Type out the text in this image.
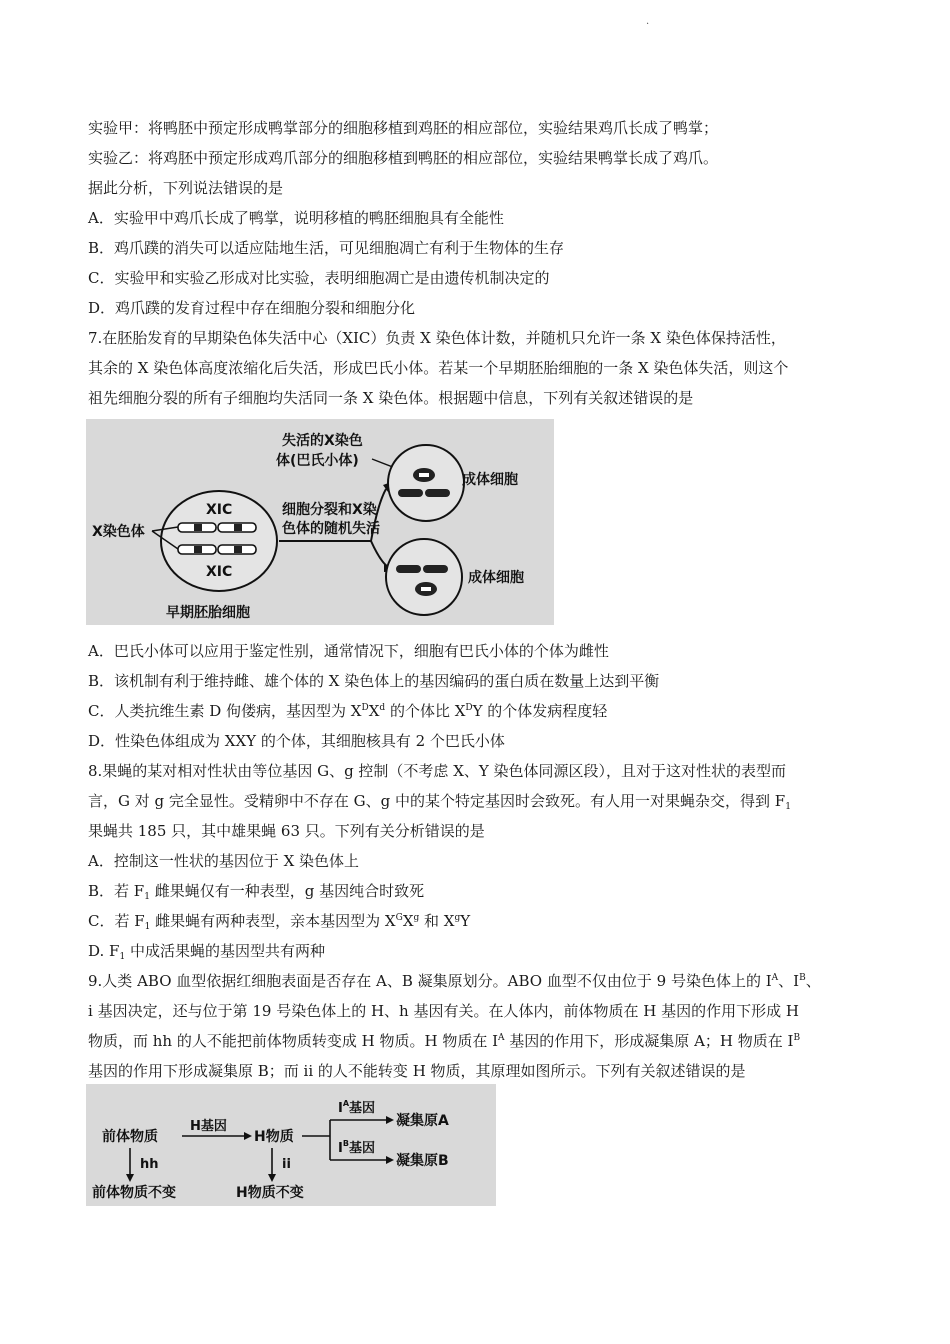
.
实验甲：将鸭胚中预定形成鸭掌部分的细胞移植到鸡胚的相应部位，实验结果鸡爪长成了鸭掌；
实验乙：将鸡胚中预定形成鸡爪部分的细胞移植到鸭胚的相应部位，实验结果鸭掌长成了鸡爪。
据此分析，下列说法错误的是
A．实验甲中鸡爪长成了鸭掌，说明移植的鸭胚细胞具有全能性
B．鸡爪蹼的消失可以适应陆地生活，可见细胞凋亡有利于生物体的生存
C．实验甲和实验乙形成对比实验，表明细胞凋亡是由遗传机制决定的
D．鸡爪蹼的发育过程中存在细胞分裂和细胞分化
7.在胚胎发育的早期染色体失活中心（XIC）负责 X 染色体计数，并随机只允许一条 X 染色体保持活性，
其余的 X 染色体高度浓缩化后失活，形成巴氏小体。若某一个早期胚胎细胞的一条 X 染色体失活，则这个
祖先细胞分裂的所有子细胞均失活同一条 X 染色体。根据题中信息，下列有关叙述错误的是
XIC
XIC
X染色体
早期胚胎细胞
细胞分裂和X染
色体的随机失活
失活的X染色
体(巴氏小体)
成体细胞
成体细胞
A．巴氏小体可以应用于鉴定性别，通常情况下，细胞有巴氏小体的个体为雌性
B．该机制有利于维持雌、雄个体的 X 染色体上的基因编码的蛋白质在数量上达到平衡
C．人类抗维生素 D 佝偻病，基因型为 $X^DX^d$ 的个体比 $X^DY$ 的个体发病程度轻
D．性染色体组成为 XXY 的个体，其细胞核具有 2 个巴氏小体
8.果蝇的某对相对性状由等位基因 G、g 控制（不考虑 X、Y 染色体同源区段），且对于这对性状的表型而
言，G 对 g 完全显性。受精卵中不存在 G、g 中的某个特定基因时会致死。有人用一对果蝇杂交，得到 $F_1$
果蝇共 185 只，其中雄果蝇 63 只。下列有关分析错误的是
A．控制这一性状的基因位于 X 染色体上
B．若 $F_1$ 雌果蝇仅有一种表型，g 基因纯合时致死
C．若 $F_1$ 雌果蝇有两种表型，亲本基因型为 $X^GX^g$ 和 $X^gY$
D. $F_1$ 中成活果蝇的基因型共有两种
9.人类 ABO 血型依据红细胞表面是否存在 A、B 凝集原划分。ABO 血型不仅由位于 9 号染色体上的 $I^A$、$I^B$、
i 基因决定，还与位于第 19 号染色体上的 H、h 基因有关。在人体内，前体物质在 H 基因的作用下形成 H
物质，而 hh 的人不能把前体物质转变成 H 物质。H 物质在 $I^A$ 基因的作用下，形成凝集原 A；H 物质在 $I^B$
基因的作用下形成凝集原 B；而 ii 的人不能转变 H 物质，其原理如图所示。下列有关叙述错误的是
前体物质
H基因
H物质
hh
前体物质不变
ii
H物质不变
$I^A$基因
$I^B$基因
凝集原A
凝集原B
